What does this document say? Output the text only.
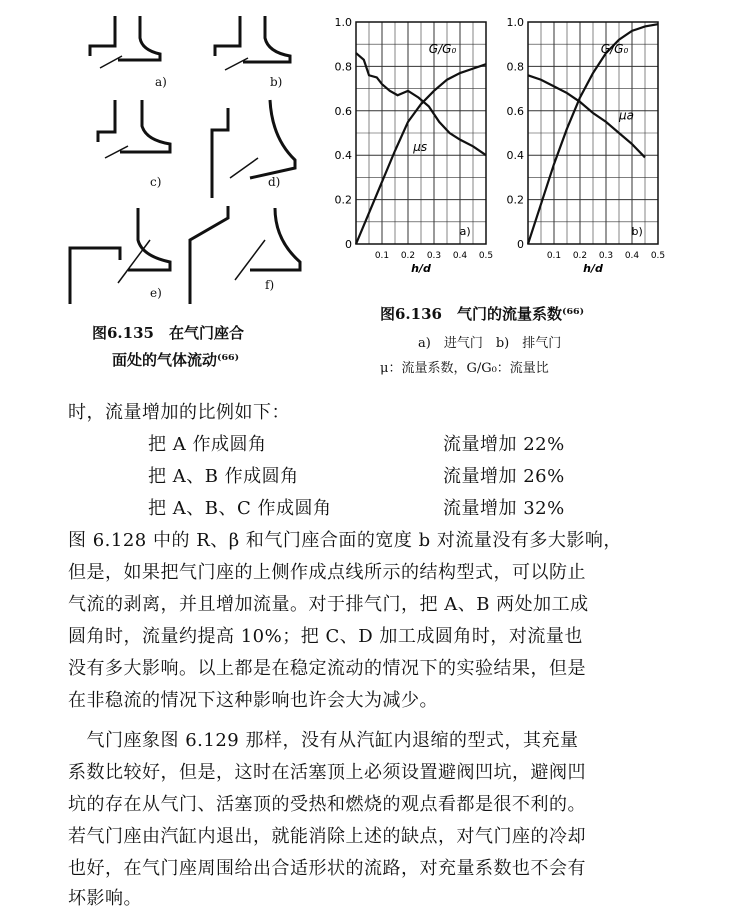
a)	b)
c)	d)
e)
f)
图6.135　在气门座合
面处的气体流动⁽⁶⁶⁾
0
0.2
0.4
0.6
0.8
1.0
0.1 0.2 0.3 0.4 0.5
h/d
G/G₀
μs
a)
0
0.2
0.4
0.6
0.8
1.0
0.1 0.2 0.3 0.4 0.5
h/d
G/G₀
μa
b)
图6.136　气门的流量系数⁽⁶⁶⁾
a)　进气门　b)　排气门
μ：流量系数，G/G₀：流量比
时，流量增加的比例如下：
把 A 作成圆角	流量增加 22%
把 A、B 作成圆角	流量增加 26%
把 A、B、C 作成圆角	流量增加 32%
图 6.128 中的 R、β 和气门座合面的宽度 b 对流量没有多大影响，
但是，如果把气门座的上侧作成点线所示的结构型式，可以防止
气流的剥离，并且增加流量。对于排气门，把 A、B 两处加工成
圆角时，流量约提高 10%；把 C、D 加工成圆角时，对流量也
没有多大影响。以上都是在稳定流动的情况下的实验结果，但是
在非稳流的情况下这种影响也许会大为减少。
　气门座象图 6.129 那样，没有从汽缸内退缩的型式，其充量
系数比较好，但是，这时在活塞顶上必须设置避阀凹坑，避阀凹
坑的存在从气门、活塞顶的受热和燃烧的观点看都是很不利的。
若气门座由汽缸内退出，就能消除上述的缺点，对气门座的冷却
也好，在气门座周围给出合适形状的流路，对充量系数也不会有
坏影响。
